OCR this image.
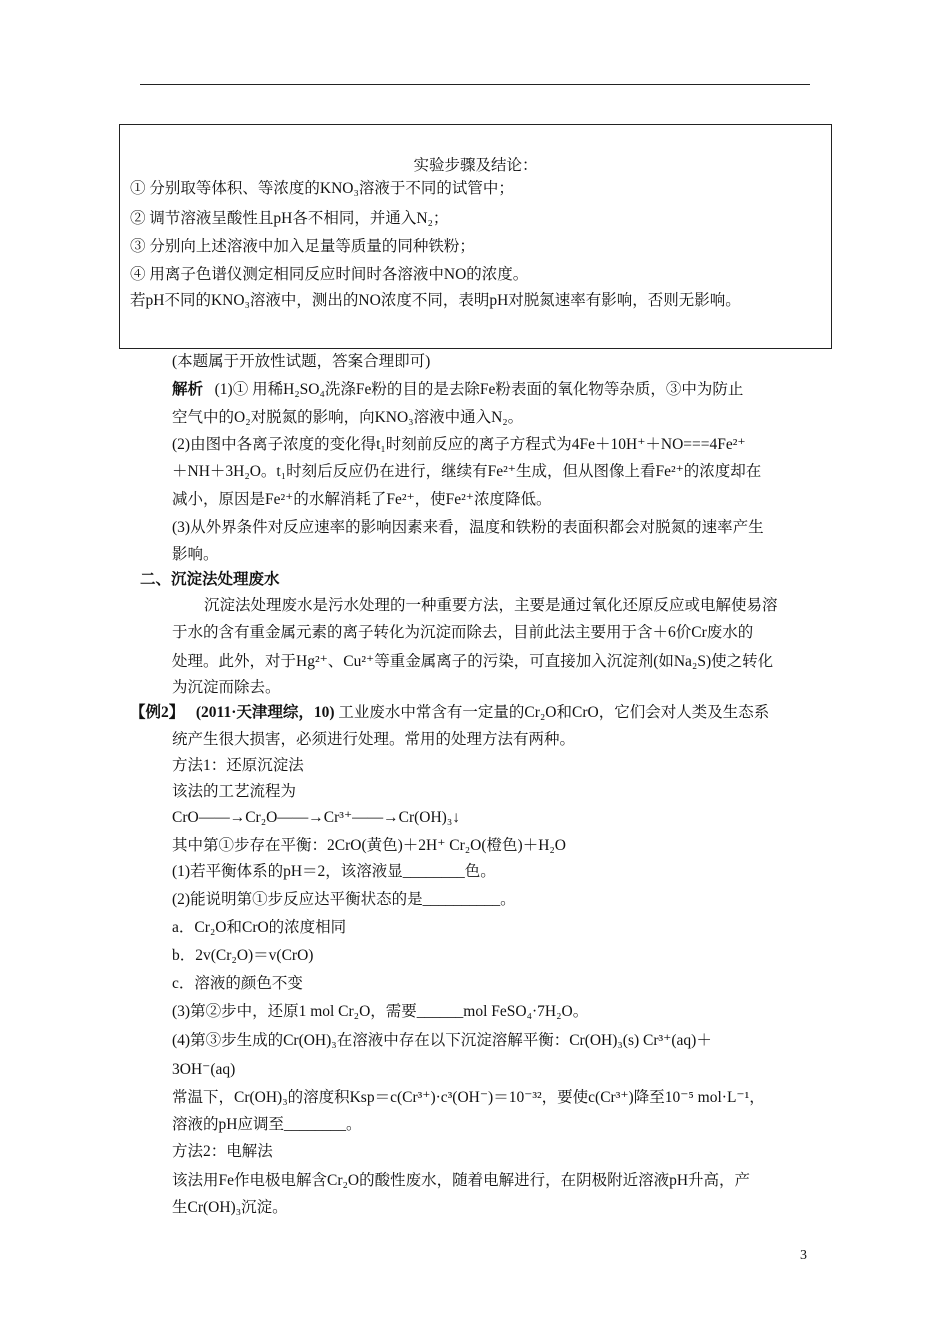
实验步骤及结论：
① 分别取等体积、等浓度的KNO₃溶液于不同的试管中；
② 调节溶液呈酸性且pH各不相同，并通入N₂；
③ 分别向上述溶液中加入足量等质量的同种铁粉；
④ 用离子色谱仪测定相同反应时间时各溶液中NO的浓度。
若pH不同的KNO₃溶液中，测出的NO浓度不同，表明pH对脱氮速率有影响，否则无影响。
(本题属于开放性试题，答案合理即可)
解析 (1)① 用稀H₂SO₄洗涤Fe粉的目的是去除Fe粉表面的氧化物等杂质，③中为防止
空气中的O₂对脱氮的影响，向KNO₃溶液中通入N₂。
(2)由图中各离子浓度的变化得t₁时刻前反应的离子方程式为4Fe＋10H⁺＋NO===4Fe²⁺
＋NH＋3H₂O。t₁时刻后反应仍在进行，继续有Fe²⁺生成，但从图像上看Fe²⁺的浓度却在
减小，原因是Fe²⁺的水解消耗了Fe²⁺，使Fe²⁺浓度降低。
(3)从外界条件对反应速率的影响因素来看，温度和铁粉的表面积都会对脱氮的速率产生
影响。
二、沉淀法处理废水
沉淀法处理废水是污水处理的一种重要方法，主要是通过氧化还原反应或电解使易溶
于水的含有重金属元素的离子转化为沉淀而除去，目前此法主要用于含＋6价Cr废水的
处理。此外，对于Hg²⁺、Cu²⁺等重金属离子的污染，可直接加入沉淀剂(如Na₂S)使之转化
为沉淀而除去。
【例2】 (2011·天津理综，10) 工业废水中常含有一定量的Cr₂O和CrO，它们会对人类及生态系
统产生很大损害，必须进行处理。常用的处理方法有两种。
方法1：还原沉淀法
该法的工艺流程为
CrO——→Cr₂O——→Cr³⁺——→Cr(OH)₃↓
其中第①步存在平衡：2CrO(黄色)＋2H⁺ Cr₂O(橙色)＋H₂O
(1)若平衡体系的pH＝2，该溶液显________色。
(2)能说明第①步反应达平衡状态的是__________。
a．Cr₂O和CrO的浓度相同
b．2v(Cr₂O)＝v(CrO)
c．溶液的颜色不变
(3)第②步中，还原1 mol Cr₂O，需要______mol FeSO₄·7H₂O。
(4)第③步生成的Cr(OH)₃在溶液中存在以下沉淀溶解平衡：Cr(OH)₃(s) Cr³⁺(aq)＋
3OH⁻(aq)
常温下，Cr(OH)₃的溶度积Ksp＝c(Cr³⁺)·c³(OH⁻)＝10⁻³²，要使c(Cr³⁺)降至10⁻⁵ mol·L⁻¹，
溶液的pH应调至________。
方法2：电解法
该法用Fe作电极电解含Cr₂O的酸性废水，随着电解进行，在阴极附近溶液pH升高，产
生Cr(OH)₃沉淀。
3
